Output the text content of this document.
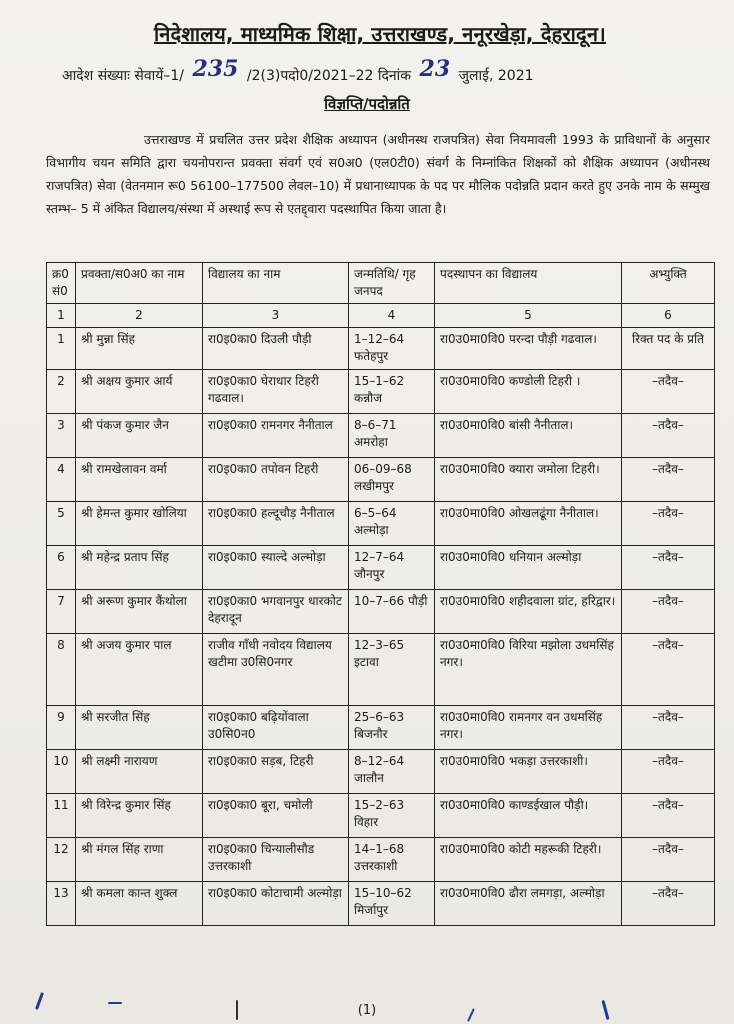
निदेशालय, माध्यमिक शिक्षा, उत्तराखण्ड, ननूरखेड़ा, देहरादून।
आदेश संख्याः सेवायें–1/ 235 /2(3)पदो0/2021–22 दिनांक 23 जुलाई, 2021
विज्ञप्ति/पदोन्नति
उत्तराखण्ड में प्रचलित उत्तर प्रदेश शैक्षिक अध्यापन (अधीनस्थ राजपत्रित) सेवा नियमावली 1993 के प्राविधानों के अनुसार विभागीय चयन समिति द्वारा चयनोपरान्त प्रवक्ता संवर्ग एवं स0अ0 (एल0टी0) संवर्ग के निम्नांकित शिक्षकों को शैक्षिक अध्यापन (अधीनस्थ राजपत्रित) सेवा (वेतनमान रू0 56100–177500 लेवल–10) में प्रधानाध्यापक के पद पर मौलिक पदोन्नति प्रदान करते हुए उनके नाम के सम्मुख स्तम्भ– 5 में अंकित विद्यालय/संस्था में अस्थाई रूप से एतद्द्वारा पदस्थापित किया जाता है।
क्र0 सं0	प्रवक्ता/स0अ0 का नाम	विद्यालय का नाम	जन्मतिथि/ गृह जनपद	पदस्थापन का विद्यालय	अभ्युक्ति
1	2	3	4	5	6
1	श्री मुन्ना सिंह	रा0इ0का0 दिउली पौड़ी	1–12–64 फतेहपुर	रा0उ0मा0वि0 परन्दा पौड़ी गढवाल।	रिक्त पद के प्रति
2	श्री अक्षय कुमार आर्य	रा0इ0का0 घेराधार टिहरी गढवाल।	15–1–62 कन्नौज	रा0उ0मा0वि0 कण्डोली टिहरी ।	–तदैव–
3	श्री पंकज कुमार जैन	रा0इ0का0 रामनगर नैनीताल	8–6–71 अमरोहा	रा0उ0मा0वि0 बांसी नैनीताल।	–तदैव–
4	श्री रामखेलावन वर्मा	रा0इ0का0 तपोवन टिहरी	06–09–68 लखीमपुर	रा0उ0मा0वि0 क्यारा जमोला टिहरी।	–तदैव–
5	श्री हेमन्त कुमार खोलिया	रा0इ0का0 हल्दूचौड़ नैनीताल	6–5–64 अल्मोड़ा	रा0उ0मा0वि0 ओखलढूंगा नैनीताल।	–तदैव–
6	श्री महेन्द्र प्रताप सिंह	रा0इ0का0 स्याल्दे अल्मोड़ा	12–7–64 जौनपुर	रा0उ0मा0वि0 धनियान अल्मोड़ा	–तदैव–
7	श्री अरूण कुमार कैंथोला	रा0इ0का0 भगवानपुर धारकोट देहरादून	10–7–66 पौड़ी	रा0उ0मा0वि0 शहीदवाला ग्रांट, हरिद्वार।	–तदैव–
8	श्री अजय कुमार पाल	राजीव गाँधी नवोदय विद्यालय खटीमा उ0सि0नगर	12–3–65 इटावा	रा0उ0मा0वि0 विरिया मझोला उधमसिंह नगर।	–तदैव–
9	श्री सरजीत सिंह	रा0इ0का0 बढ़ियोंवाला उ0सि0न0	25–6–63 बिजनौर	रा0उ0मा0वि0 रामनगर वन उधमसिंह नगर।	–तदैव–
10	श्री लक्ष्मी नारायण	रा0इ0का0 सड़ब, टिहरी	8–12–64 जालौन	रा0उ0मा0वि0 भकड़ा उत्तरकाशी।	–तदैव–
11	श्री विरेन्द्र कुमार सिंह	रा0इ0का0 बूरा, चमोली	15–2–63 विहार	रा0उ0मा0वि0 काण्डईखाल पौड़ी।	–तदैव–
12	श्री मंगल सिंह राणा	रा0इ0का0 चिन्यालीसौड उत्तरकाशी	14–1–68 उत्तरकाशी	रा0उ0मा0वि0 कोटी महरूकी टिहरी।	–तदैव–
13	श्री कमला कान्त शुक्ल	रा0इ0का0 कोटाचामी अल्मोड़ा	15–10–62 मिर्जापुर	रा0उ0मा0वि0 ढौरा लमगड़ा, अल्मोड़ा	–तदैव–
(1)
